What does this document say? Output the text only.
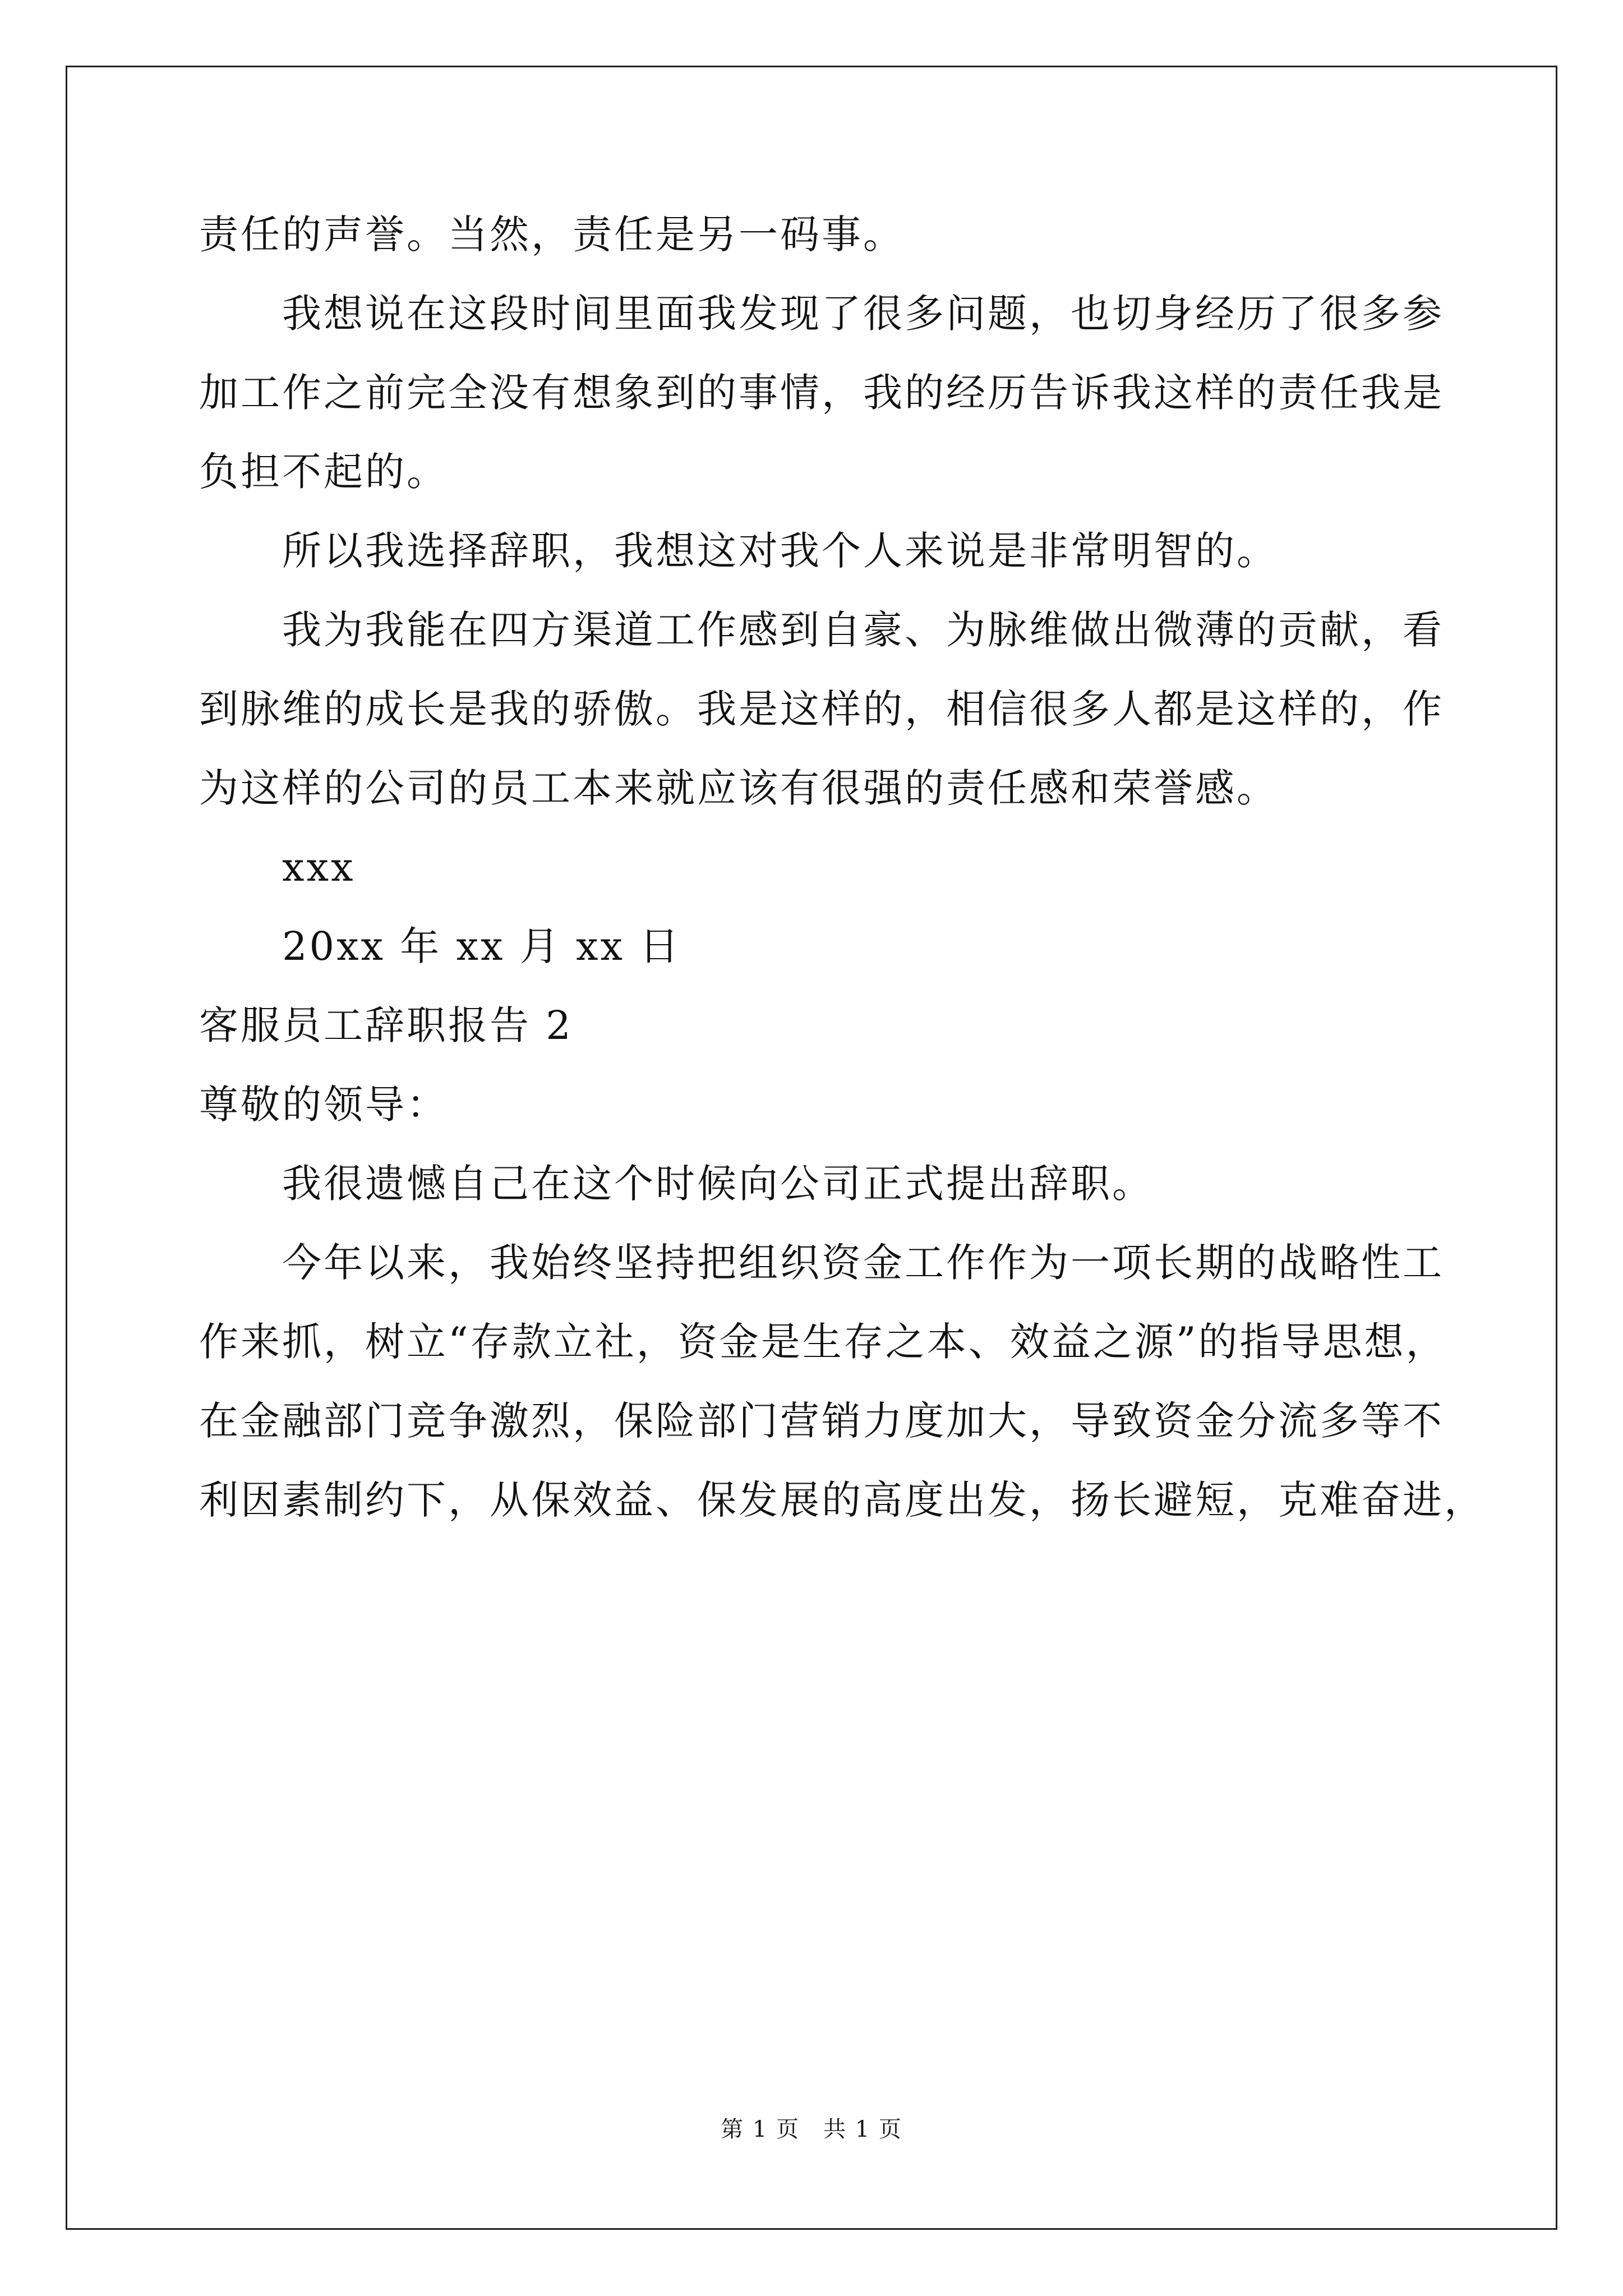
责任的声誉。当然，责任是另一码事。
我想说在这段时间里面我发现了很多问题，也切身经历了很多参
加工作之前完全没有想象到的事情，我的经历告诉我这样的责任我是
负担不起的。
所以我选择辞职，我想这对我个人来说是非常明智的。
我为我能在四方渠道工作感到自豪、为脉维做出微薄的贡献，看
到脉维的成长是我的骄傲。我是这样的，相信很多人都是这样的，作
为这样的公司的员工本来就应该有很强的责任感和荣誉感。
xxx
20xx 年 xx 月 xx 日
客服员工辞职报告 2
尊敬的领导：
我很遗憾自己在这个时候向公司正式提出辞职。
今年以来，我始终坚持把组织资金工作作为一项长期的战略性工
作来抓，树立“存款立社，资金是生存之本、效益之源”的指导思想，
在金融部门竞争激烈，保险部门营销力度加大，导致资金分流多等不
利因素制约下，从保效益、保发展的高度出发，扬长避短，克难奋进，
第 1 页　共 1 页
